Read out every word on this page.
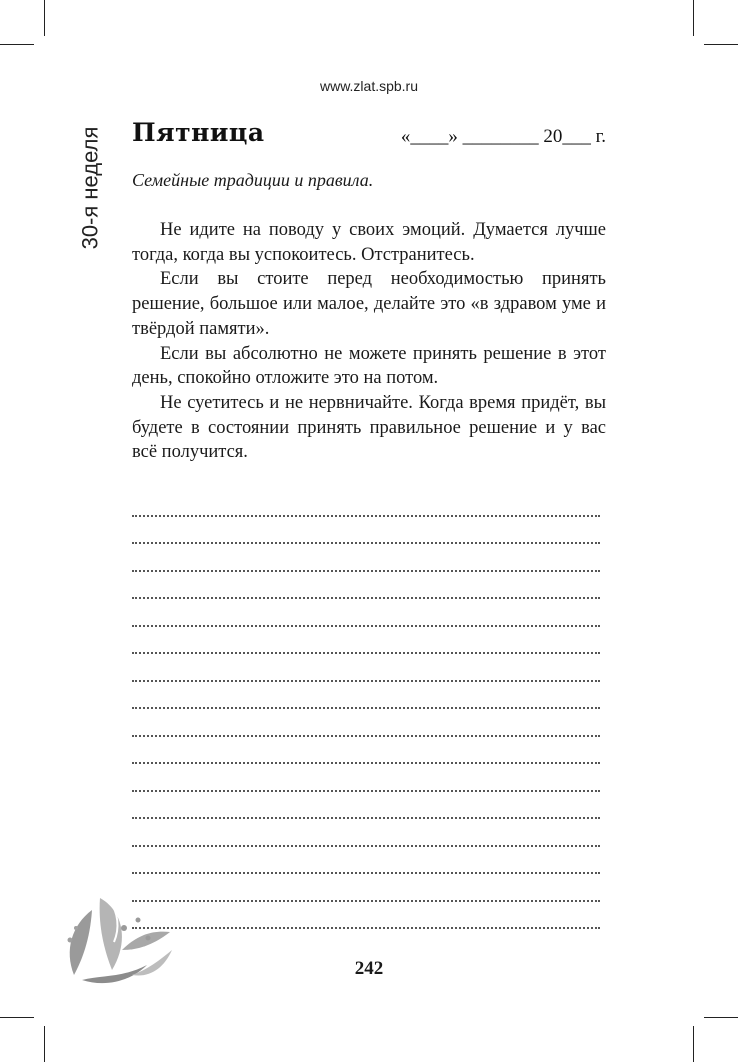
www.zlat.spb.ru
30-я неделя Пятница	«____» ________ 20___ г.
Семейные традиции и правила.

Не идите на поводу у своих эмоций. Думается лучше тогда, когда вы успокоитесь. Отстранитесь.

Если вы стоите перед необходимостью принять решение, большое или малое, делайте это «в здравом уме и твёрдой памяти».

Если вы абсолютно не можете принять решение в этот день, спокойно отложите это на потом.

Не суетитесь и не нервничайте. Когда время придёт, вы будете в состоянии принять правильное решение и у вас всё получится.

242
